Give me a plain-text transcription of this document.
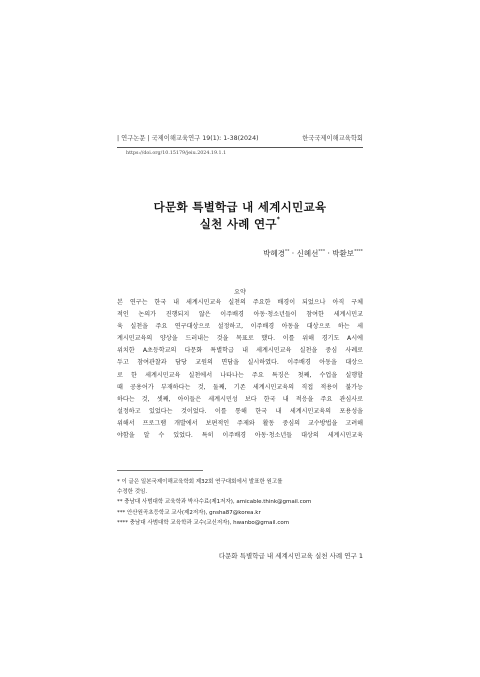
| 연구논문 | 국제이해교육연구 19(1): 1-38(2024)	한국국제이해교육학회
https://doi.org/10.15179/jeiu.2024.19.1.1
다문화 특별학급 내 세계시민교육
실천 사례 연구*
박혜경** · 신혜선*** · 박환보****
요약
본 연구는 한국 내 세계시민교육 실천의 주요한 배경이 되었으나 아직 구체
적인 논의가 진행되지 않은 이주배경 아동·청소년들이 참여한 세계시민교
육 실천을 주요 연구대상으로 설정하고, 이주배경 아동을 대상으로 하는 세
계시민교육의 양상을 드러내는 것을 목표로 했다. 이를 위해 경기도 A시에
위치한 A초등학교의 다문화 특별학급 내 세계시민교육 실천을 중심 사례로
두고 참여관찰과 담당 교원의 면담을 실시하였다. 이주배경 아동을 대상으
로 한 세계시민교육 실천에서 나타나는 주요 특징은 첫째, 수업을 실행할
때 공용어가 부재하다는 것, 둘째, 기존 세계시민교육의 직접 적용이 불가능
하다는 것, 셋째, 아이들은 세계시민성 보다 한국 내 적응을 주요 관심사로
설정하고 있었다는 것이었다. 이를 통해 한국 내 세계시민교육의 포용성을
위해서 프로그램 개발에서 보편적인 주제와 활동 중심의 교수방법을 고려해
야함을 알 수 있었다. 특히 이주배경 아동·청소년들 대상의 세계시민교육
* 이 글은 일본국제이해교육학회 제32회 연구대회에서 발표한 원고를
수정한 것임.
** 충남대 사범대학 교육학과 박사수료(제1저자), amicable.think@gmail.com
*** 안산원곡초등학교 교사(제2저자), gnsha87@korea.kr
**** 충남대 사범대학 교육학과 교수(교신저자), hwanbo@gmail.com
다문화 특별학급 내 세계시민교육 실천 사례 연구 1
